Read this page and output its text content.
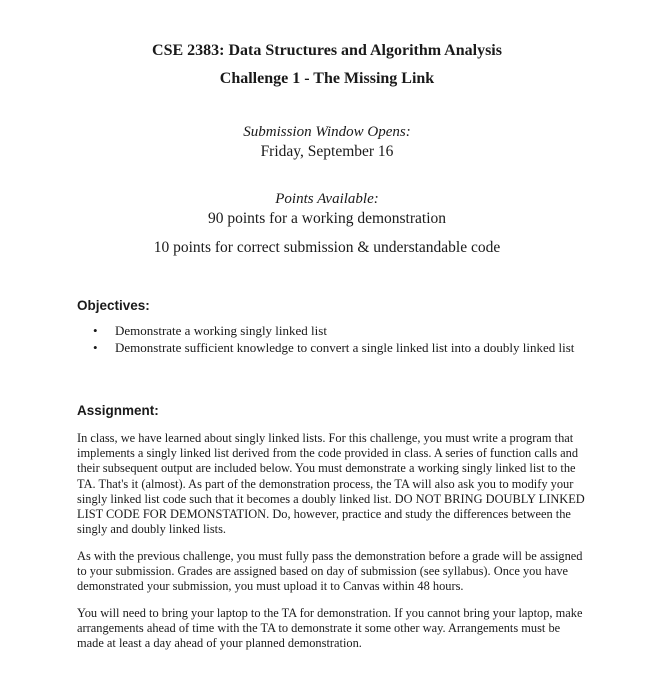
CSE 2383: Data Structures and Algorithm Analysis
Challenge 1 - The Missing Link
Submission Window Opens:
Friday, September 16
Points Available:
90 points for a working demonstration
10 points for correct submission & understandable code
Objectives:
• Demonstrate a working singly linked list
• Demonstrate sufficient knowledge to convert a single linked list into a doubly linked list
Assignment:

In class, we have learned about singly linked lists. For this challenge, you must write a program that implements a singly linked list derived from the code provided in class. A series of function calls and their subsequent output are included below. You must demonstrate a working singly linked list to the TA. That's it (almost). As part of the demonstration process, the TA will also ask you to modify your singly linked list code such that it becomes a doubly linked list. DO NOT BRING DOUBLY LINKED LIST CODE FOR DEMONSTATION. Do, however, practice and study the differences between the singly and doubly linked lists.

As with the previous challenge, you must fully pass the demonstration before a grade will be assigned to your submission. Grades are assigned based on day of submission (see syllabus). Once you have demonstrated your submission, you must upload it to Canvas within 48 hours.

You will need to bring your laptop to the TA for demonstration. If you cannot bring your laptop, make arrangements ahead of time with the TA to demonstrate it some other way. Arrangements must be made at least a day ahead of your planned demonstration.
